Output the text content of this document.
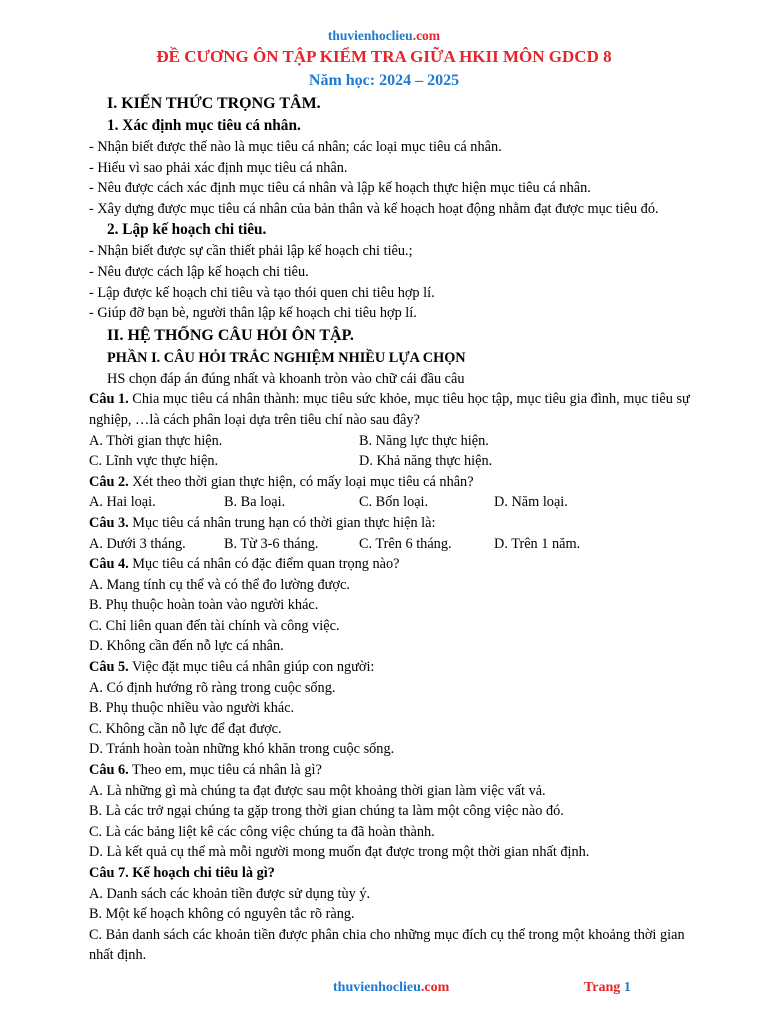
thuvienhoclieu.com
ĐỀ CƯƠNG ÔN TẬP KIỂM TRA GIỮA HKII MÔN GDCD 8
Năm học: 2024 – 2025

I. KIẾN THỨC TRỌNG TÂM.

1. Xác định mục tiêu cá nhân.

- Nhận biết được thế nào là mục tiêu cá nhân; các loại mục tiêu cá nhân.

- Hiểu vì sao phải xác định mục tiêu cá nhân.

- Nêu được cách xác định mục tiêu cá nhân và lập kế hoạch thực hiện mục tiêu cá nhân.

- Xây dựng được mục tiêu cá nhân của bản thân và kế hoạch hoạt động nhằm đạt được mục tiêu đó.

2. Lập kế hoạch chi tiêu.

- Nhận biết được sự cần thiết phải lập kế hoạch chi tiêu.;

- Nêu được cách lập kế hoạch chi tiêu.

- Lập được kế hoạch chi tiêu và tạo thói quen chi tiêu hợp lí.

- Giúp đỡ bạn bè, người thân lập kế hoạch chi tiêu hợp lí.

II. HỆ THỐNG CÂU HỎI ÔN TẬP.

PHẦN I. CÂU HỎI TRẮC NGHIỆM NHIỀU LỰA CHỌN

HS chọn đáp án đúng nhất và khoanh tròn vào chữ cái đầu câu

Câu 1. Chia mục tiêu cá nhân thành: mục tiêu sức khỏe, mục tiêu học tập, mục tiêu gia đình, mục tiêu sự nghiệp, …là cách phân loại dựa trên tiêu chí nào sau đây?

A. Thời gian thực hiện.	B. Năng lực thực hiện.
C. Lĩnh vực thực hiện.	D. Khả năng thực hiện.

Câu 2. Xét theo thời gian thực hiện, có mấy loại mục tiêu cá nhân?

A. Hai loại.	B. Ba loại.	C. Bốn loại.	D. Năm loại.

Câu 3. Mục tiêu cá nhân trung hạn có thời gian thực hiện là:

A. Dưới 3 tháng.	B. Từ 3-6 tháng.	C. Trên 6 tháng.	D. Trên 1 năm.

Câu 4. Mục tiêu cá nhân có đặc điểm quan trọng nào?

A. Mang tính cụ thể và có thể đo lường được.

B. Phụ thuộc hoàn toàn vào người khác.

C. Chỉ liên quan đến tài chính và công việc.

D. Không cần đến nỗ lực cá nhân.

Câu 5. Việc đặt mục tiêu cá nhân giúp con người:

A. Có định hướng rõ ràng trong cuộc sống.

B. Phụ thuộc nhiều vào người khác.

C. Không cần nỗ lực để đạt được.

D. Tránh hoàn toàn những khó khăn trong cuộc sống.

Câu 6. Theo em, mục tiêu cá nhân là gì?

A. Là những gì mà chúng ta đạt được sau một khoảng thời gian làm việc vất vả.

B. Là các trở ngại chúng ta gặp trong thời gian chúng ta làm một công việc nào đó.

C. Là các bảng liệt kê các công việc chúng ta đã hoàn thành.

D. Là kết quả cụ thể mà mỗi người mong muốn đạt được trong một thời gian nhất định.

Câu 7. Kế hoạch chi tiêu là gì?

A. Danh sách các khoản tiền được sử dụng tùy ý.

B. Một kế hoạch không có nguyên tắc rõ ràng.

C. Bản danh sách các khoản tiền được phân chia cho những mục đích cụ thể trong một khoảng thời gian nhất định.

thuvienhoclieu.com	Trang 1
